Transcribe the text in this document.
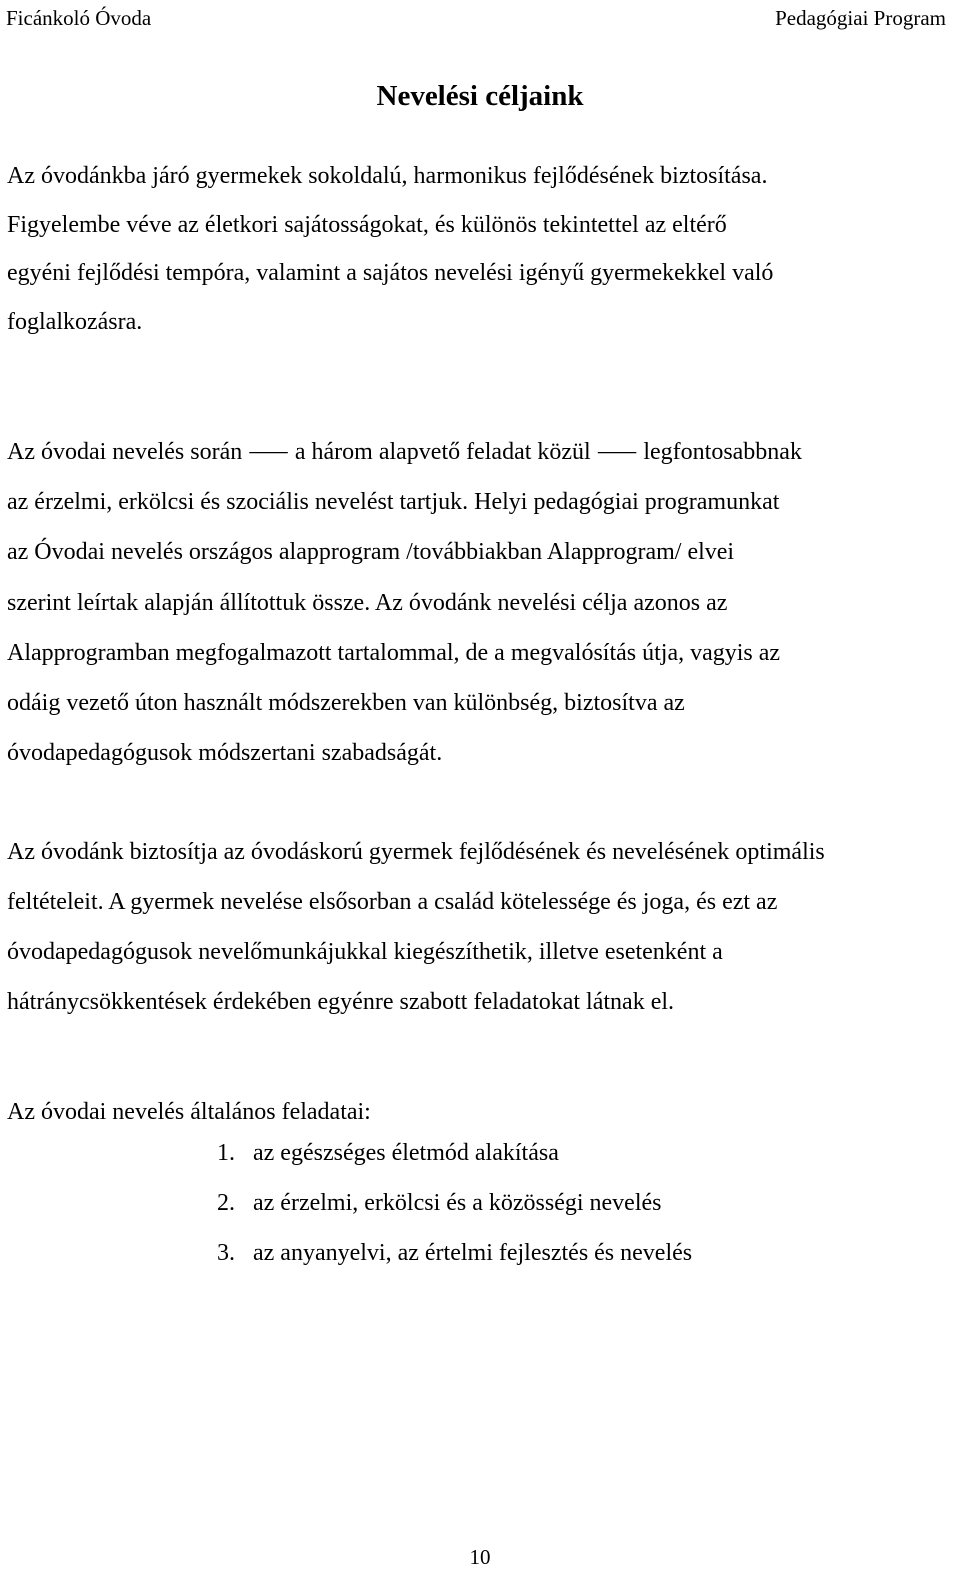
Ficánkoló Óvoda	Pedagógiai Program
Nevelési céljaink

Az óvodánkba járó gyermekek sokoldalú, harmonikus fejlődésének biztosítása.
Figyelembe véve az életkori sajátosságokat, és különös tekintettel az eltérő
egyéni fejlődési tempóra, valamint a sajátos nevelési igényű gyermekekkel való
foglalkozásra.

Az óvodai nevelés során ⸺ a három alapvető feladat közül ⸺ legfontosabbnak
az érzelmi, erkölcsi és szociális nevelést tartjuk. Helyi pedagógiai programunkat
az Óvodai nevelés országos alapprogram /továbbiakban Alapprogram/ elvei
szerint leírtak alapján állítottuk össze. Az óvodánk nevelési célja azonos az
Alapprogramban megfogalmazott tartalommal, de a megvalósítás útja, vagyis az
odáig vezető úton használt módszerekben van különbség, biztosítva az
óvodapedagógusok módszertani szabadságát.

Az óvodánk biztosítja az óvodáskorú gyermek fejlődésének és nevelésének optimális
feltételeit. A gyermek nevelése elsősorban a család kötelessége és joga, és ezt az
óvodapedagógusok nevelőmunkájukkal kiegészíthetik, illetve esetenként a
hátránycsökkentések érdekében egyénre szabott feladatokat látnak el.

Az óvodai nevelés általános feladatai:
1. az egészséges életmód alakítása
2. az érzelmi, erkölcsi és a közösségi nevelés
3. az anyanyelvi, az értelmi fejlesztés és nevelés
10
